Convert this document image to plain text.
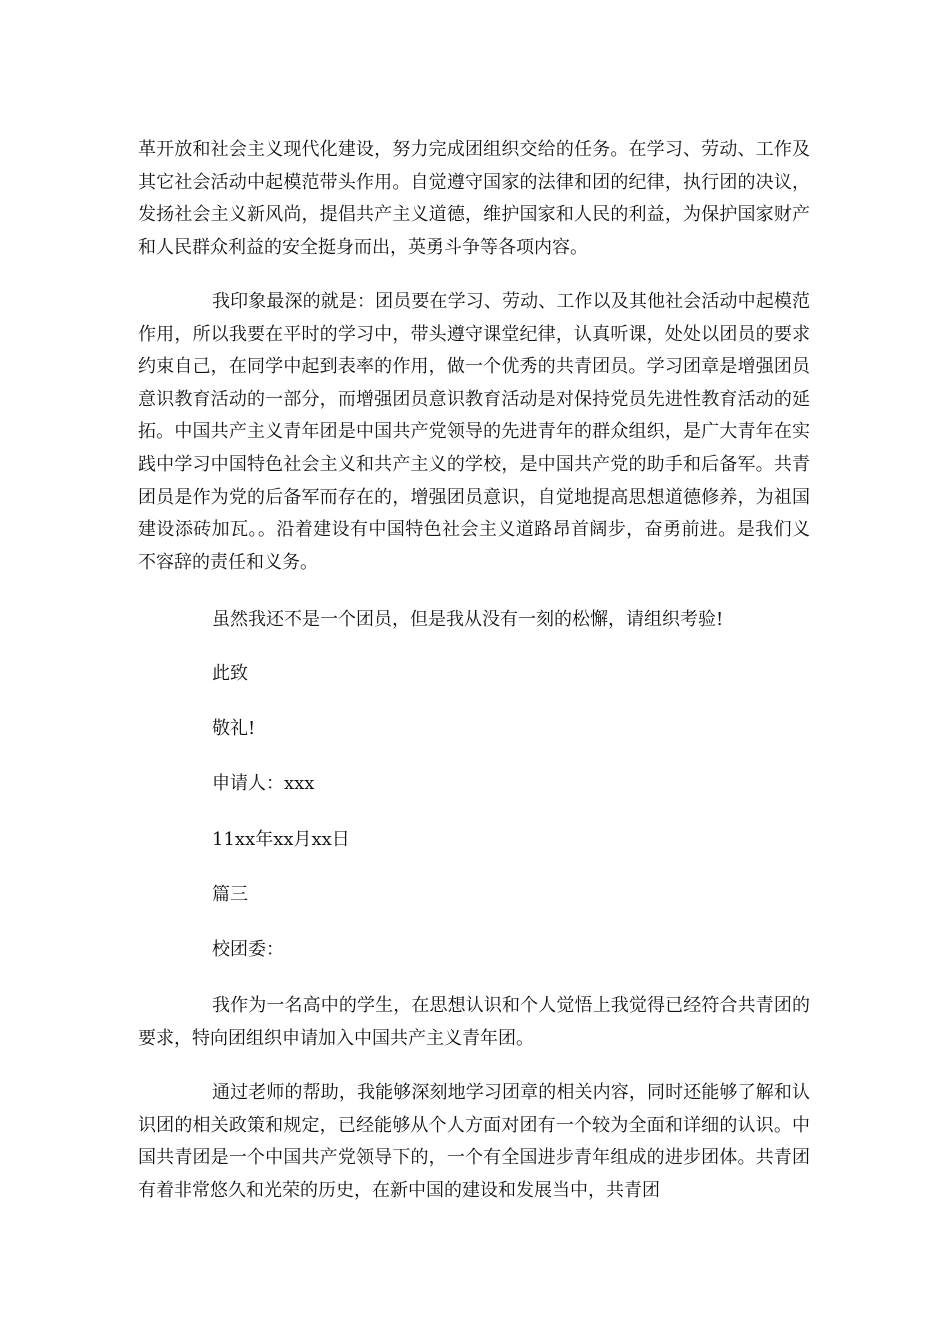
革开放和社会主义现代化建设，努力完成团组织交给的任务。在学习、劳动、工作及其它社会活动中起模范带头作用。自觉遵守国家的法律和团的纪律，执行团的决议，发扬社会主义新风尚，提倡共产主义道德，维护国家和人民的利益，为保护国家财产和人民群众利益的安全挺身而出，英勇斗争等各项内容。

我印象最深的就是：团员要在学习、劳动、工作以及其他社会活动中起模范作用，所以我要在平时的学习中，带头遵守课堂纪律，认真听课，处处以团员的要求约束自己，在同学中起到表率的作用，做一个优秀的共青团员。学习团章是增强团员意识教育活动的一部分，而增强团员意识教育活动是对保持党员先进性教育活动的延拓。中国共产主义青年团是中国共产党领导的先进青年的群众组织，是广大青年在实践中学习中国特色社会主义和共产主义的学校，是中国共产党的助手和后备军。共青团员是作为党的后备军而存在的，增强团员意识，自觉地提高思想道德修养，为祖国建设添砖加瓦。。沿着建设有中国特色社会主义道路昂首阔步，奋勇前进。是我们义不容辞的责任和义务。

虽然我还不是一个团员，但是我从没有一刻的松懈，请组织考验!

此致

敬礼!

申请人：xxx

11xx年xx月xx日

篇三

校团委：

我作为一名高中的学生，在思想认识和个人觉悟上我觉得已经符合共青团的要求，特向团组织申请加入中国共产主义青年团。

通过老师的帮助，我能够深刻地学习团章的相关内容，同时还能够了解和认识团的相关政策和规定，已经能够从个人方面对团有一个较为全面和详细的认识。中国共青团是一个中国共产党领导下的，一个有全国进步青年组成的进步团体。共青团有着非常悠久和光荣的历史，在新中国的建设和发展当中，共青团
